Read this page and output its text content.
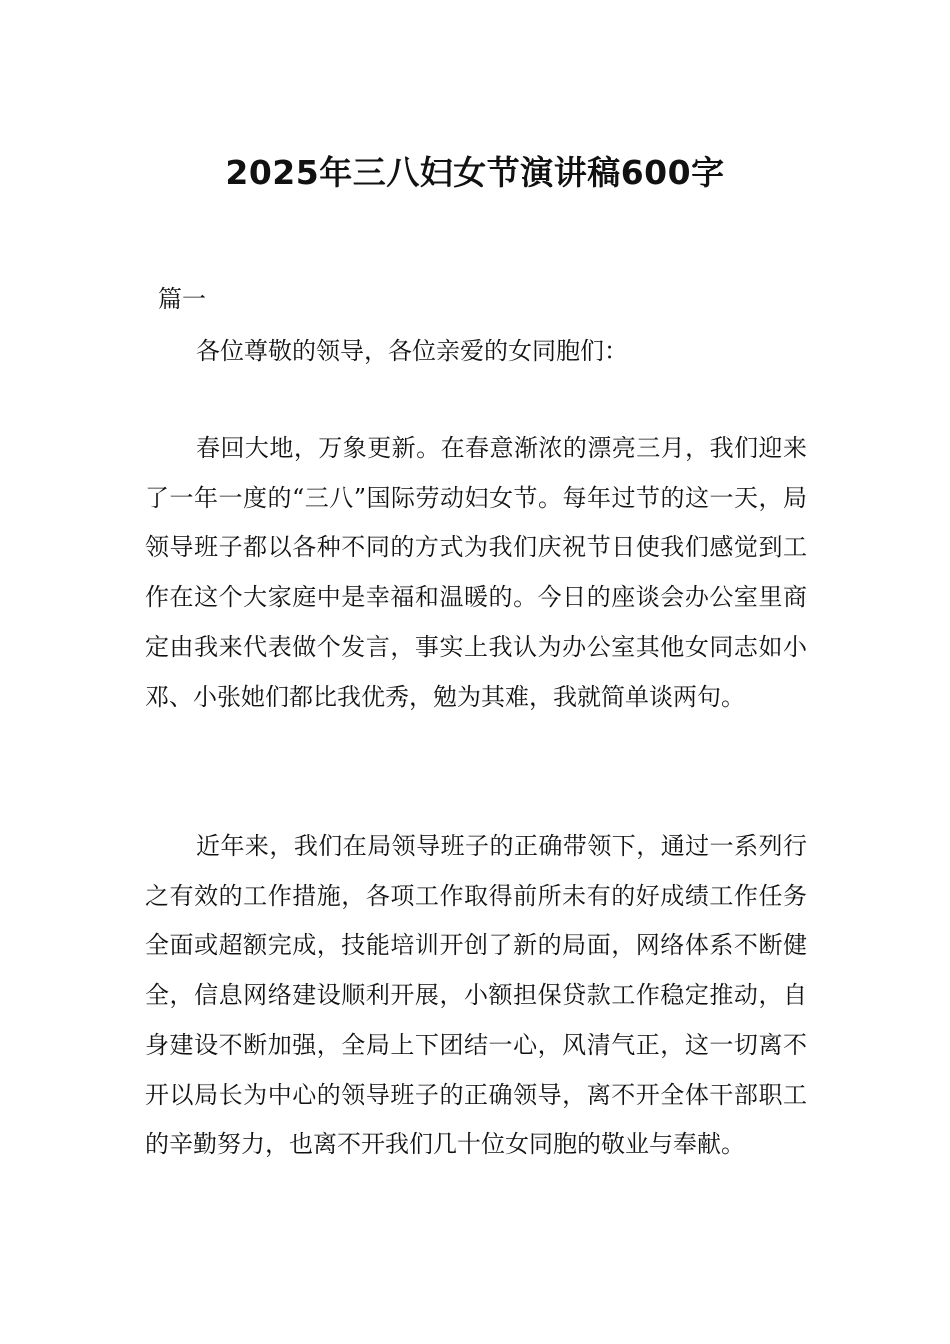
2025年三八妇女节演讲稿600字
篇一
各位尊敬的领导，各位亲爱的女同胞们：

春回大地，万象更新。在春意渐浓的漂亮三月，我们迎来了一年一度的“三八”国际劳动妇女节。每年过节的这一天，局领导班子都以各种不同的方式为我们庆祝节日使我们感觉到工作在这个大家庭中是幸福和温暖的。今日的座谈会办公室里商定由我来代表做个发言，事实上我认为办公室其他女同志如小邓、小张她们都比我优秀，勉为其难，我就简单谈两句。

近年来，我们在局领导班子的正确带领下，通过一系列行之有效的工作措施，各项工作取得前所未有的好成绩工作任务全面或超额完成，技能培训开创了新的局面，网络体系不断健全，信息网络建设顺利开展，小额担保贷款工作稳定推动，自身建设不断加强，全局上下团结一心，风清气正，这一切离不开以局长为中心的领导班子的正确领导，离不开全体干部职工的辛勤努力，也离不开我们几十位女同胞的敬业与奉献。
